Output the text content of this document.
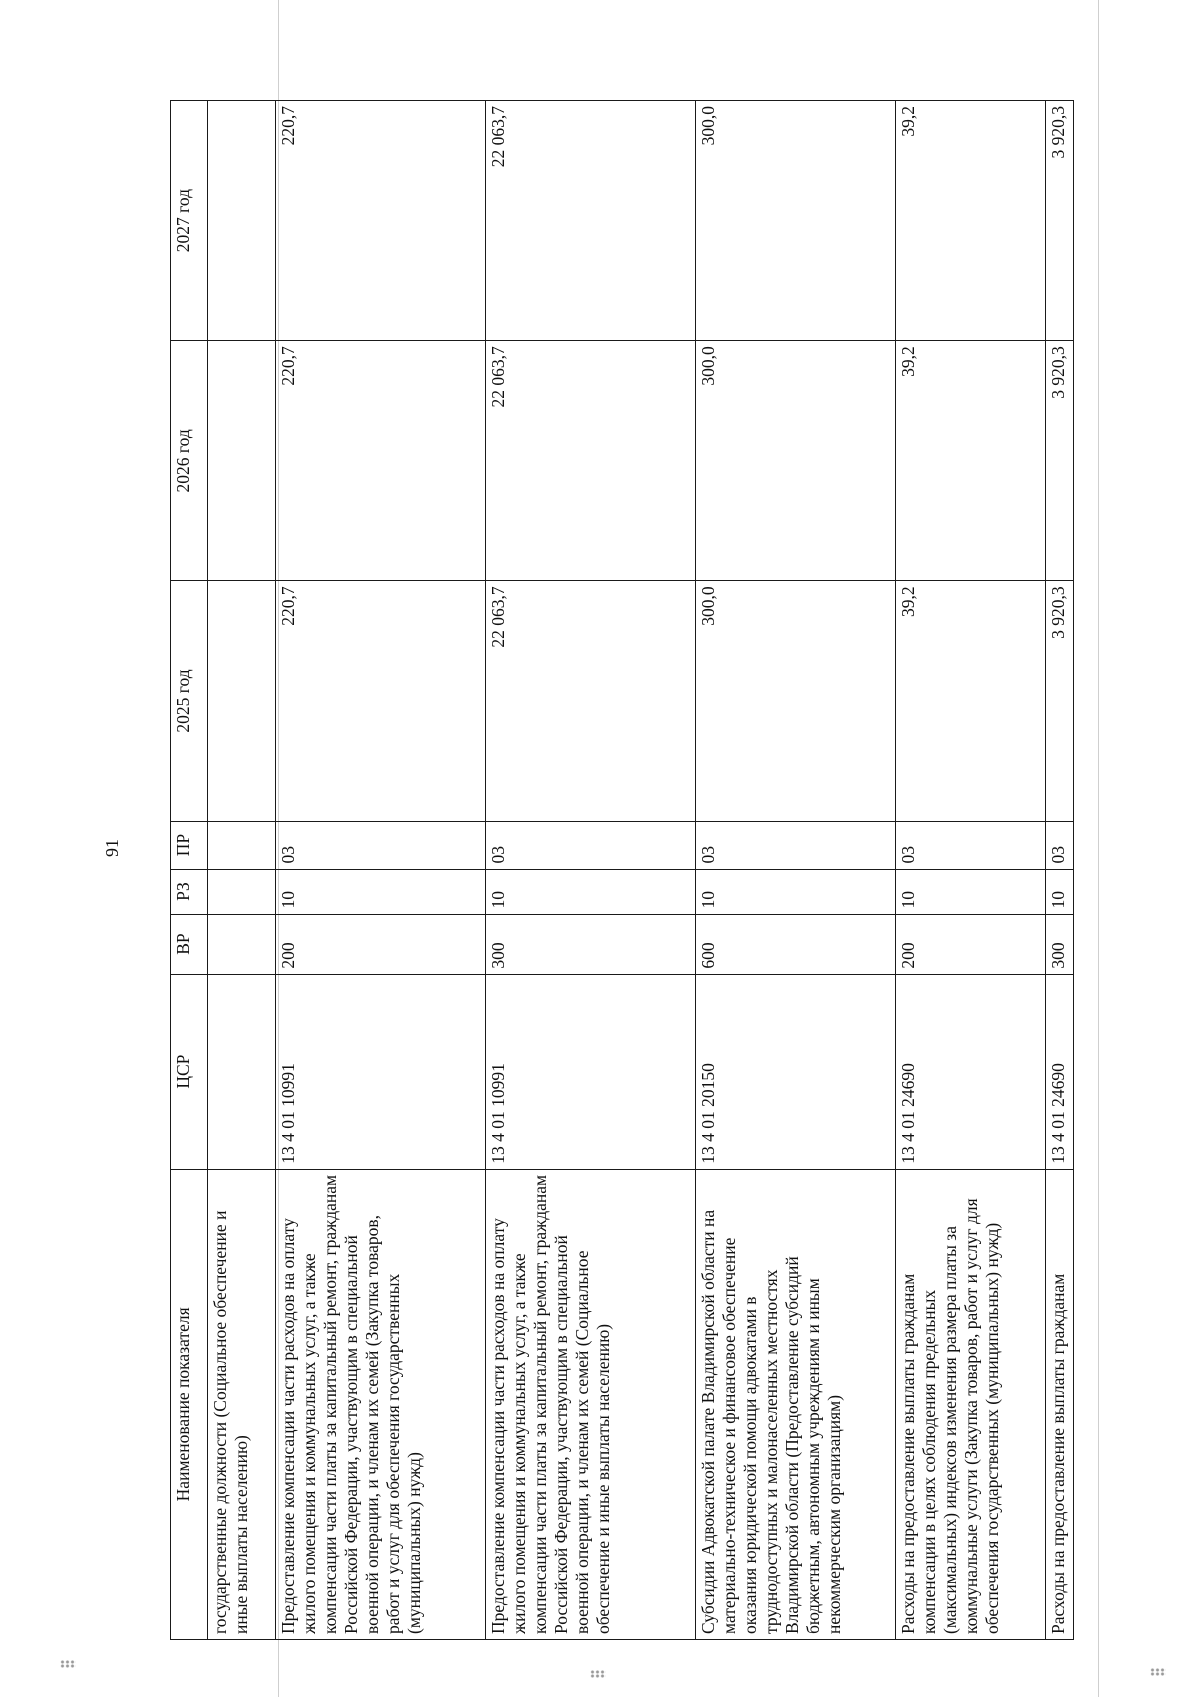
91
Наименование показателя	ЦСР	ВР	РЗ	ПР	2025 год	2026 год	2027 год
государственные должности (Социальное обеспечение и иные выплаты населению)							
Предоставление компенсации части расходов на оплату жилого помещения и коммунальных услуг, а также компенсации части платы за капитальный ремонт, гражданам Российской Федерации, участвующим в специальной военной операции, и членам их семей (Закупка товаров, работ и услуг для обеспечения государственных (муниципальных) нужд)	13 4 01 10991	200	10	03	220,7	220,7	220,7
Предоставление компенсации части расходов на оплату жилого помещения и коммунальных услуг, а также компенсации части платы за капитальный ремонт, гражданам Российской Федерации, участвующим в специальной военной операции, и членам их семей (Социальное обеспечение и иные выплаты населению)	13 4 01 10991	300	10	03	22 063,7	22 063,7	22 063,7
Субсидии Адвокатской палате Владимирской области на материально-техническое и финансовое обеспечение оказания юридической помощи адвокатами в труднодоступных и малонаселенных местностях Владимирской области (Предоставление субсидий бюджетным, автономным учреждениям и иным некоммерческим организациям)	13 4 01 20150	600	10	03	300,0	300,0	300,0
Расходы на предоставление выплаты гражданам компенсации в целях соблюдения предельных (максимальных) индексов изменения размера платы за коммунальные услуги (Закупка товаров, работ и услуг для обеспечения государственных (муниципальных) нужд)	13 4 01 24690	200	10	03	39,2	39,2	39,2
Расходы на предоставление выплаты гражданам	13 4 01 24690	300	10	03	3 920,3	3 920,3	3 920,3
